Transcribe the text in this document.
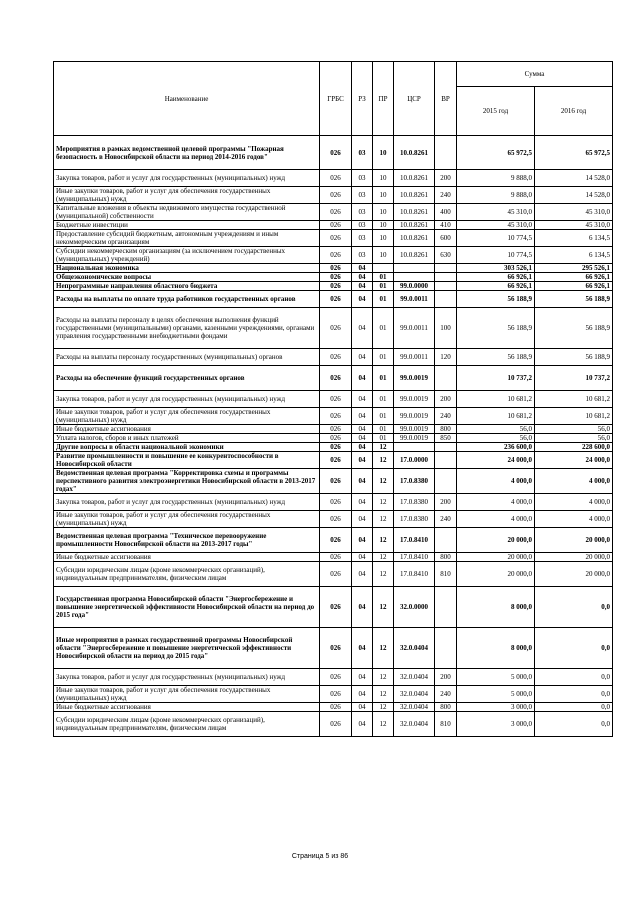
Наименование	ГРБС	РЗ	ПР	ЦСР	ВР	Сумма	
						2015 год	2016 год
Мероприятия в рамках ведомственной целевой программы "Пожарная безопасность в Новосибирской области на период 2014-2016 годов"	026	03	10	10.0.8261		65 972,5	65 972,5
Закупка товаров, работ и услуг для государственных (муниципальных) нужд	026	03	10	10.0.8261	200	9 888,0	14 528,0
Иные закупки товаров, работ и услуг для обеспечения государственных (муниципальных) нужд	026	03	10	10.0.8261	240	9 888,0	14 528,0
Капитальные вложения в объекты недвижимого имущества государственной (муниципальной) собственности	026	03	10	10.0.8261	400	45 310,0	45 310,0
Бюджетные инвестиции	026	03	10	10.0.8261	410	45 310,0	45 310,0
Предоставление субсидий бюджетным, автономным учреждениям и иным некоммерческим организациям	026	03	10	10.0.8261	600	10 774,5	6 134,5
Субсидии некоммерческим организациям (за исключением государственных (муниципальных) учреждений)	026	03	10	10.0.8261	630	10 774,5	6 134,5
Национальная экономика	026	04				303 526,1	295 526,1
Общеэкономические вопросы	026	04	01			66 926,1	66 926,1
Непрограммные направления областного бюджета	026	04	01	99.0.0000		66 926,1	66 926,1
Расходы на выплаты по оплате труда работников государственных органов	026	04	01	99.0.0011		56 188,9	56 188,9
Расходы на выплаты персоналу в целях обеспечения выполнения функций государственными (муниципальными) органами, казенными учреждениями, органами управления государственными внебюджетными фондами	026	04	01	99.0.0011	100	56 188,9	56 188,9
Расходы на выплаты персоналу государственных (муниципальных) органов	026	04	01	99.0.0011	120	56 188,9	56 188,9
Расходы на обеспечение функций государственных органов	026	04	01	99.0.0019		10 737,2	10 737,2
Закупка товаров, работ и услуг для государственных (муниципальных) нужд	026	04	01	99.0.0019	200	10 681,2	10 681,2
Иные закупки товаров, работ и услуг для обеспечения государственных (муниципальных) нужд	026	04	01	99.0.0019	240	10 681,2	10 681,2
Иные бюджетные ассигнования	026	04	01	99.0.0019	800	56,0	56,0
Уплата налогов, сборов и иных платежей	026	04	01	99.0.0019	850	56,0	56,0
Другие вопросы в области национальной экономики	026	04	12			236 600,0	228 600,0
Развитие промышленности и повышение ее конкурентоспособности в Новосибирской области	026	04	12	17.0.0000		24 000,0	24 000,0
Ведомственная целевая программа "Корректировка схемы и программы перспективного развития электроэнергетики Новосибирской области в 2013-2017 годах"	026	04	12	17.0.8380		4 000,0	4 000,0
Закупка товаров, работ и услуг для государственных (муниципальных) нужд	026	04	12	17.0.8380	200	4 000,0	4 000,0
Иные закупки товаров, работ и услуг для обеспечения государственных (муниципальных) нужд	026	04	12	17.0.8380	240	4 000,0	4 000,0
Ведомственная целевая программа "Техническое перевооружение промышленности Новосибирской области на 2013-2017 годы"	026	04	12	17.0.8410		20 000,0	20 000,0
Иные бюджетные ассигнования	026	04	12	17.0.8410	800	20 000,0	20 000,0
Субсидии юридическим лицам (кроме некоммерческих организаций), индивидуальным предпринимателям, физическим лицам	026	04	12	17.0.8410	810	20 000,0	20 000,0
Государственная программа Новосибирской области "Энергосбережение и повышение энергетической эффективности Новосибирской области на период до 2015 года"	026	04	12	32.0.0000		8 000,0	0,0
Иные мероприятия в рамках государственной программы Новосибирской области "Энергосбережение и повышение энергетической эффективности Новосибирской области на период до 2015 года"	026	04	12	32.0.0404		8 000,0	0,0
Закупка товаров, работ и услуг для государственных (муниципальных) нужд	026	04	12	32.0.0404	200	5 000,0	0,0
Иные закупки товаров, работ и услуг для обеспечения государственных (муниципальных) нужд	026	04	12	32.0.0404	240	5 000,0	0,0
Иные бюджетные ассигнования	026	04	12	32.0.0404	800	3 000,0	0,0
Субсидии юридическим лицам (кроме некоммерческих организаций), индивидуальным предпринимателям, физическим лицам	026	04	12	32.0.0404	810	3 000,0	0,0
Страница 5 из 86
